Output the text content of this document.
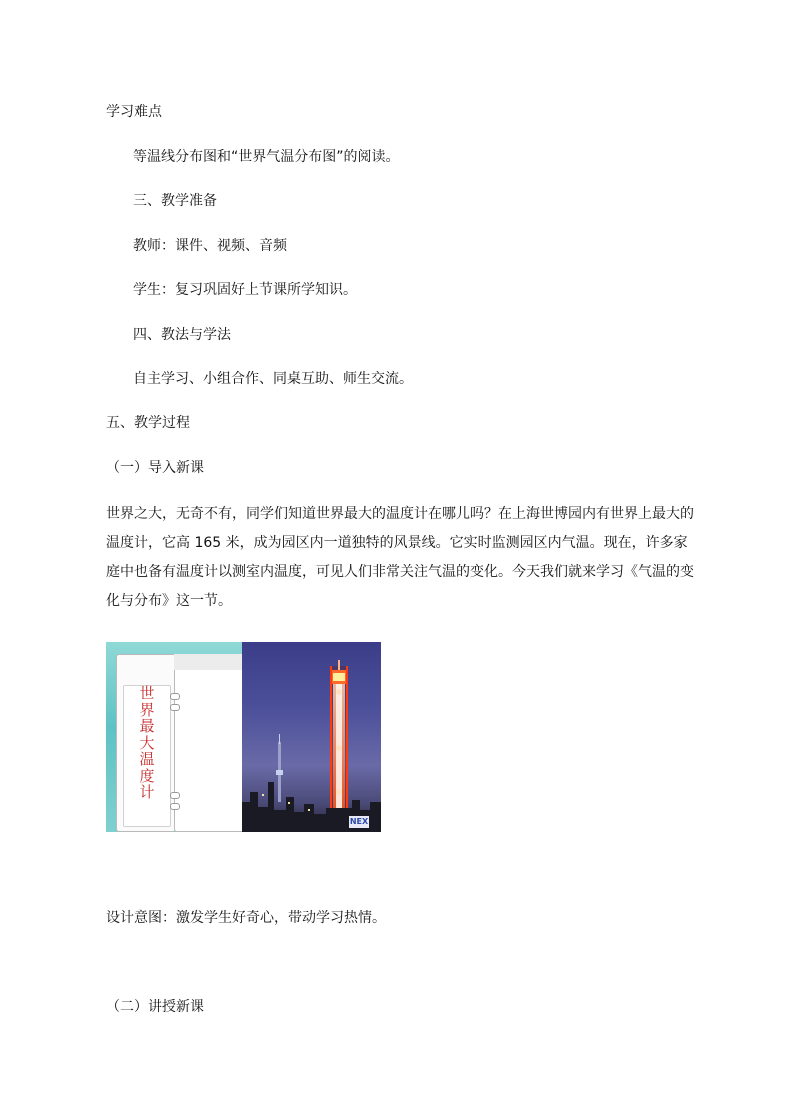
学习难点
等温线分布图和“世界气温分布图”的阅读。
三、教学准备
教师：课件、视频、音频
学生：复习巩固好上节课所学知识。
四、教法与学法
自主学习、小组合作、同桌互助、师生交流。
五、教学过程
（一）导入新课
世界之大，无奇不有，同学们知道世界最大的温度计在哪儿吗？在上海世博园内有世界上最大的温度计，它高 165 米，成为园区内一道独特的风景线。它实时监测园区内气温。现在，许多家庭中也备有温度计以测室内温度，可见人们非常关注气温的变化。今天我们就来学习《气温的变化与分布》这一节。
世界最大温度计
NEX
设计意图：激发学生好奇心，带动学习热情。
（二）讲授新课
